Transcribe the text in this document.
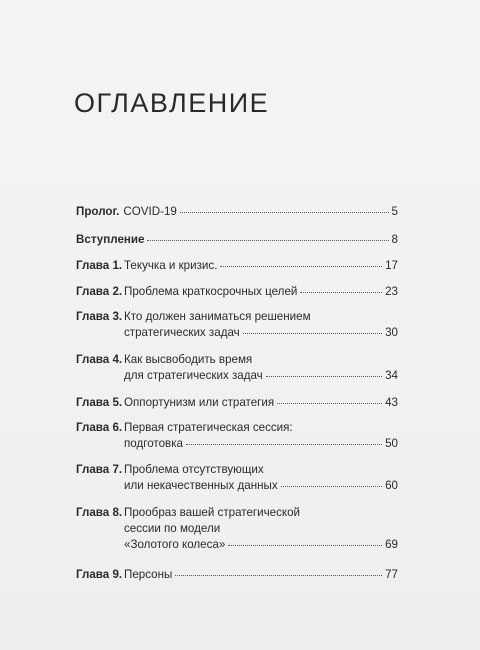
ОГЛАВЛЕНИЕ
Пролог. COVID-19	5
Вступление	8
Глава 1. Текучка и кризис.	17
Глава 2. Проблема краткосрочных целей	23
Глава 3. Кто должен заниматься решением
стратегических задач	30
Глава 4. Как высвободить время
для стратегических задач	34
Глава 5. Оппортунизм или стратегия	43
Глава 6. Первая стратегическая сессия:
подготовка	50
Глава 7. Проблема отсутствующих
или некачественных данных	60
Глава 8. Прообраз вашей стратегической
сессии по модели
«Золотого колеса»	69
Глава 9. Персоны	77
